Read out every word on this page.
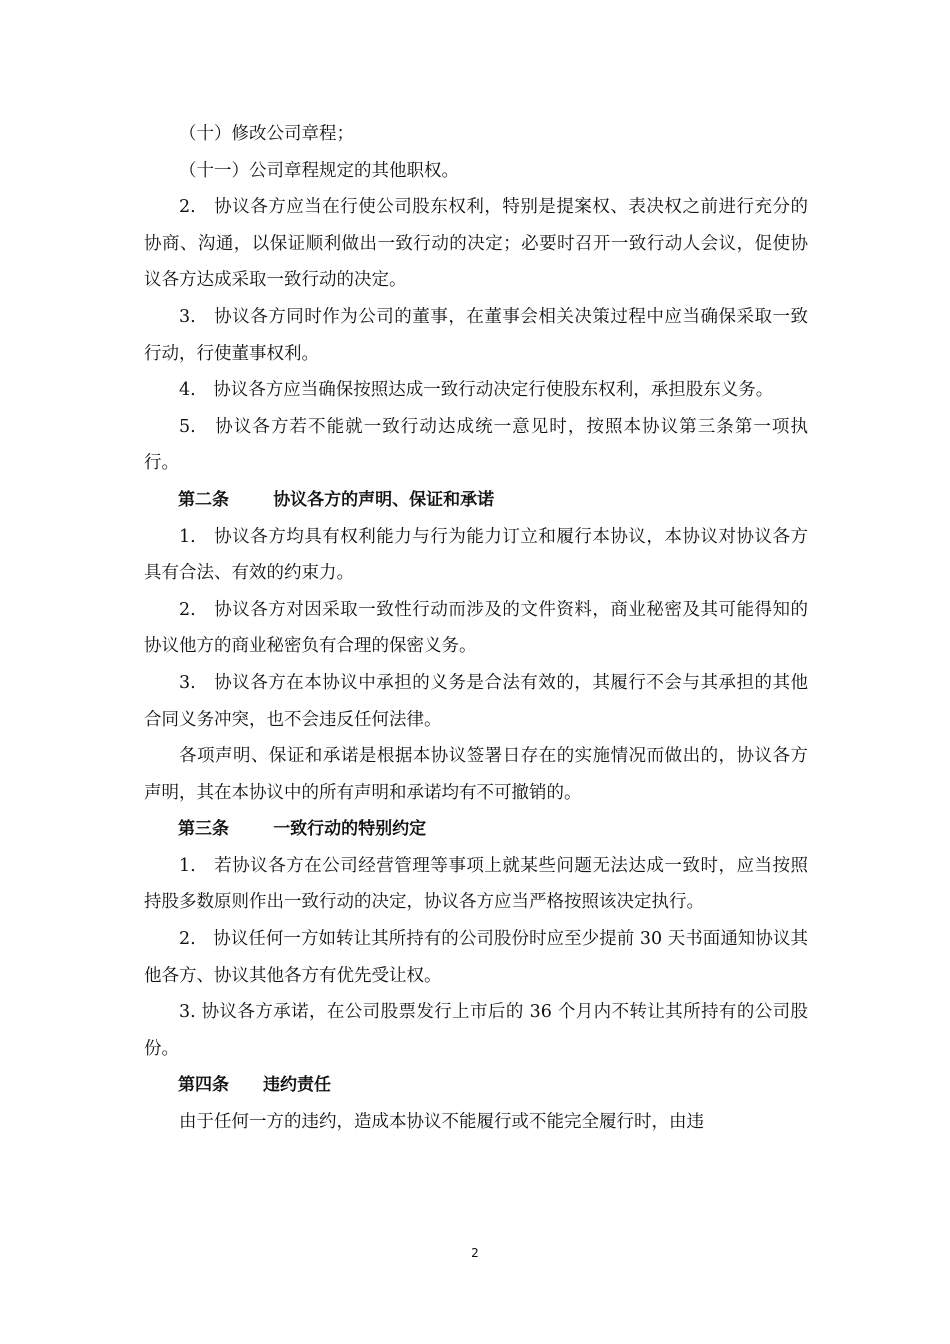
（十）修改公司章程；

（十一）公司章程规定的其他职权。

2.　协议各方应当在行使公司股东权利，特别是提案权、表决权之前进行充分的协商、沟通，以保证顺利做出一致行动的决定；必要时召开一致行动人会议，促使协议各方达成采取一致行动的决定。

3.　协议各方同时作为公司的董事，在董事会相关决策过程中应当确保采取一致行动，行使董事权利。

4.　协议各方应当确保按照达成一致行动决定行使股东权利，承担股东义务。

5.　协议各方若不能就一致行动达成统一意见时，按照本协议第三条第一项执行。

第二条	协议各方的声明、保证和承诺

1.　协议各方均具有权利能力与行为能力订立和履行本协议，本协议对协议各方具有合法、有效的约束力。

2.　协议各方对因采取一致性行动而涉及的文件资料，商业秘密及其可能得知的协议他方的商业秘密负有合理的保密义务。

3.　协议各方在本协议中承担的义务是合法有效的，其履行不会与其承担的其他合同义务冲突，也不会违反任何法律。

各项声明、保证和承诺是根据本协议签署日存在的实施情况而做出的，协议各方声明，其在本协议中的所有声明和承诺均有不可撤销的。

第三条	一致行动的特别约定

1.　若协议各方在公司经营管理等事项上就某些问题无法达成一致时，应当按照持股多数原则作出一致行动的决定，协议各方应当严格按照该决定执行。

2.　协议任何一方如转让其所持有的公司股份时应至少提前 30 天书面通知协议其他各方、协议其他各方有优先受让权。

3. 协议各方承诺，在公司股票发行上市后的 36 个月内不转让其所持有的公司股份。

第四条 违约责任

由于任何一方的违约，造成本协议不能履行或不能完全履行时，由违

2
